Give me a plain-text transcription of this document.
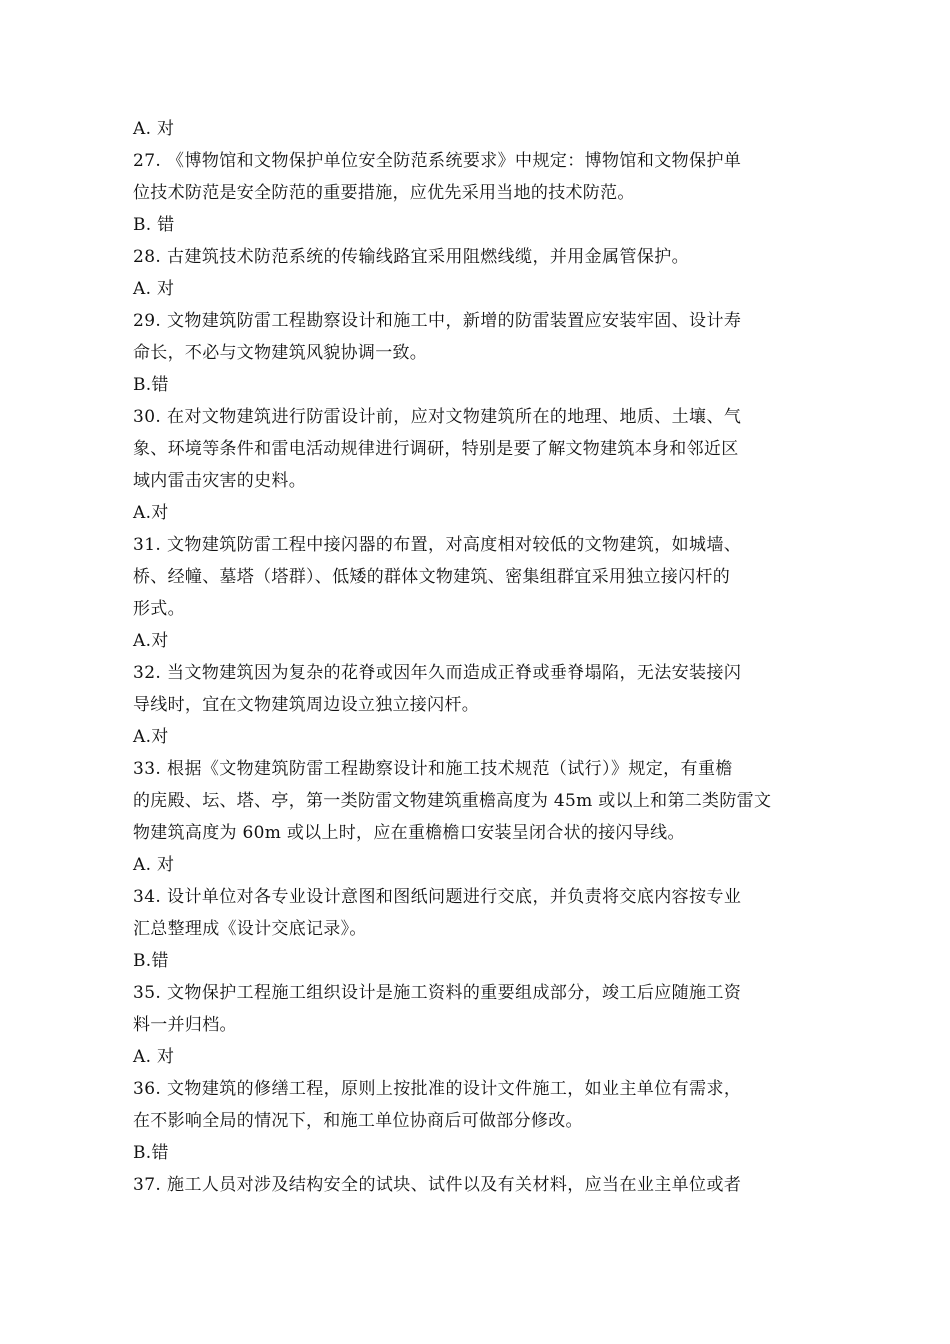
A. 对
27. 《博物馆和文物保护单位安全防范系统要求》中规定：博物馆和文物保护单
位技术防范是安全防范的重要措施，应优先采用当地的技术防范。
B. 错
28. 古建筑技术防范系统的传输线路宜采用阻燃线缆，并用金属管保护。
A. 对
29. 文物建筑防雷工程勘察设计和施工中，新增的防雷装置应安装牢固、设计寿
命长，不必与文物建筑风貌协调一致。
B.错
30. 在对文物建筑进行防雷设计前，应对文物建筑所在的地理、地质、土壤、气
象、环境等条件和雷电活动规律进行调研，特别是要了解文物建筑本身和邻近区
域内雷击灾害的史料。
A.对
31. 文物建筑防雷工程中接闪器的布置，对高度相对较低的文物建筑，如城墙、
桥、经幢、墓塔（塔群）、低矮的群体文物建筑、密集组群宜采用独立接闪杆的
形式。
A.对
32. 当文物建筑因为复杂的花脊或因年久而造成正脊或垂脊塌陷，无法安装接闪
导线时，宜在文物建筑周边设立独立接闪杆。
A.对
33. 根据《文物建筑防雷工程勘察设计和施工技术规范（试行）》规定，有重檐
的庑殿、坛、塔、亭，第一类防雷文物建筑重檐高度为 45m 或以上和第二类防雷文
物建筑高度为 60m 或以上时，应在重檐檐口安装呈闭合状的接闪导线。
A. 对
34. 设计单位对各专业设计意图和图纸问题进行交底，并负责将交底内容按专业
汇总整理成《设计交底记录》。
B.错
35. 文物保护工程施工组织设计是施工资料的重要组成部分，竣工后应随施工资
料一并归档。
A. 对
36. 文物建筑的修缮工程，原则上按批准的设计文件施工，如业主单位有需求，
在不影响全局的情况下，和施工单位协商后可做部分修改。
B.错
37. 施工人员对涉及结构安全的试块、试件以及有关材料，应当在业主单位或者
